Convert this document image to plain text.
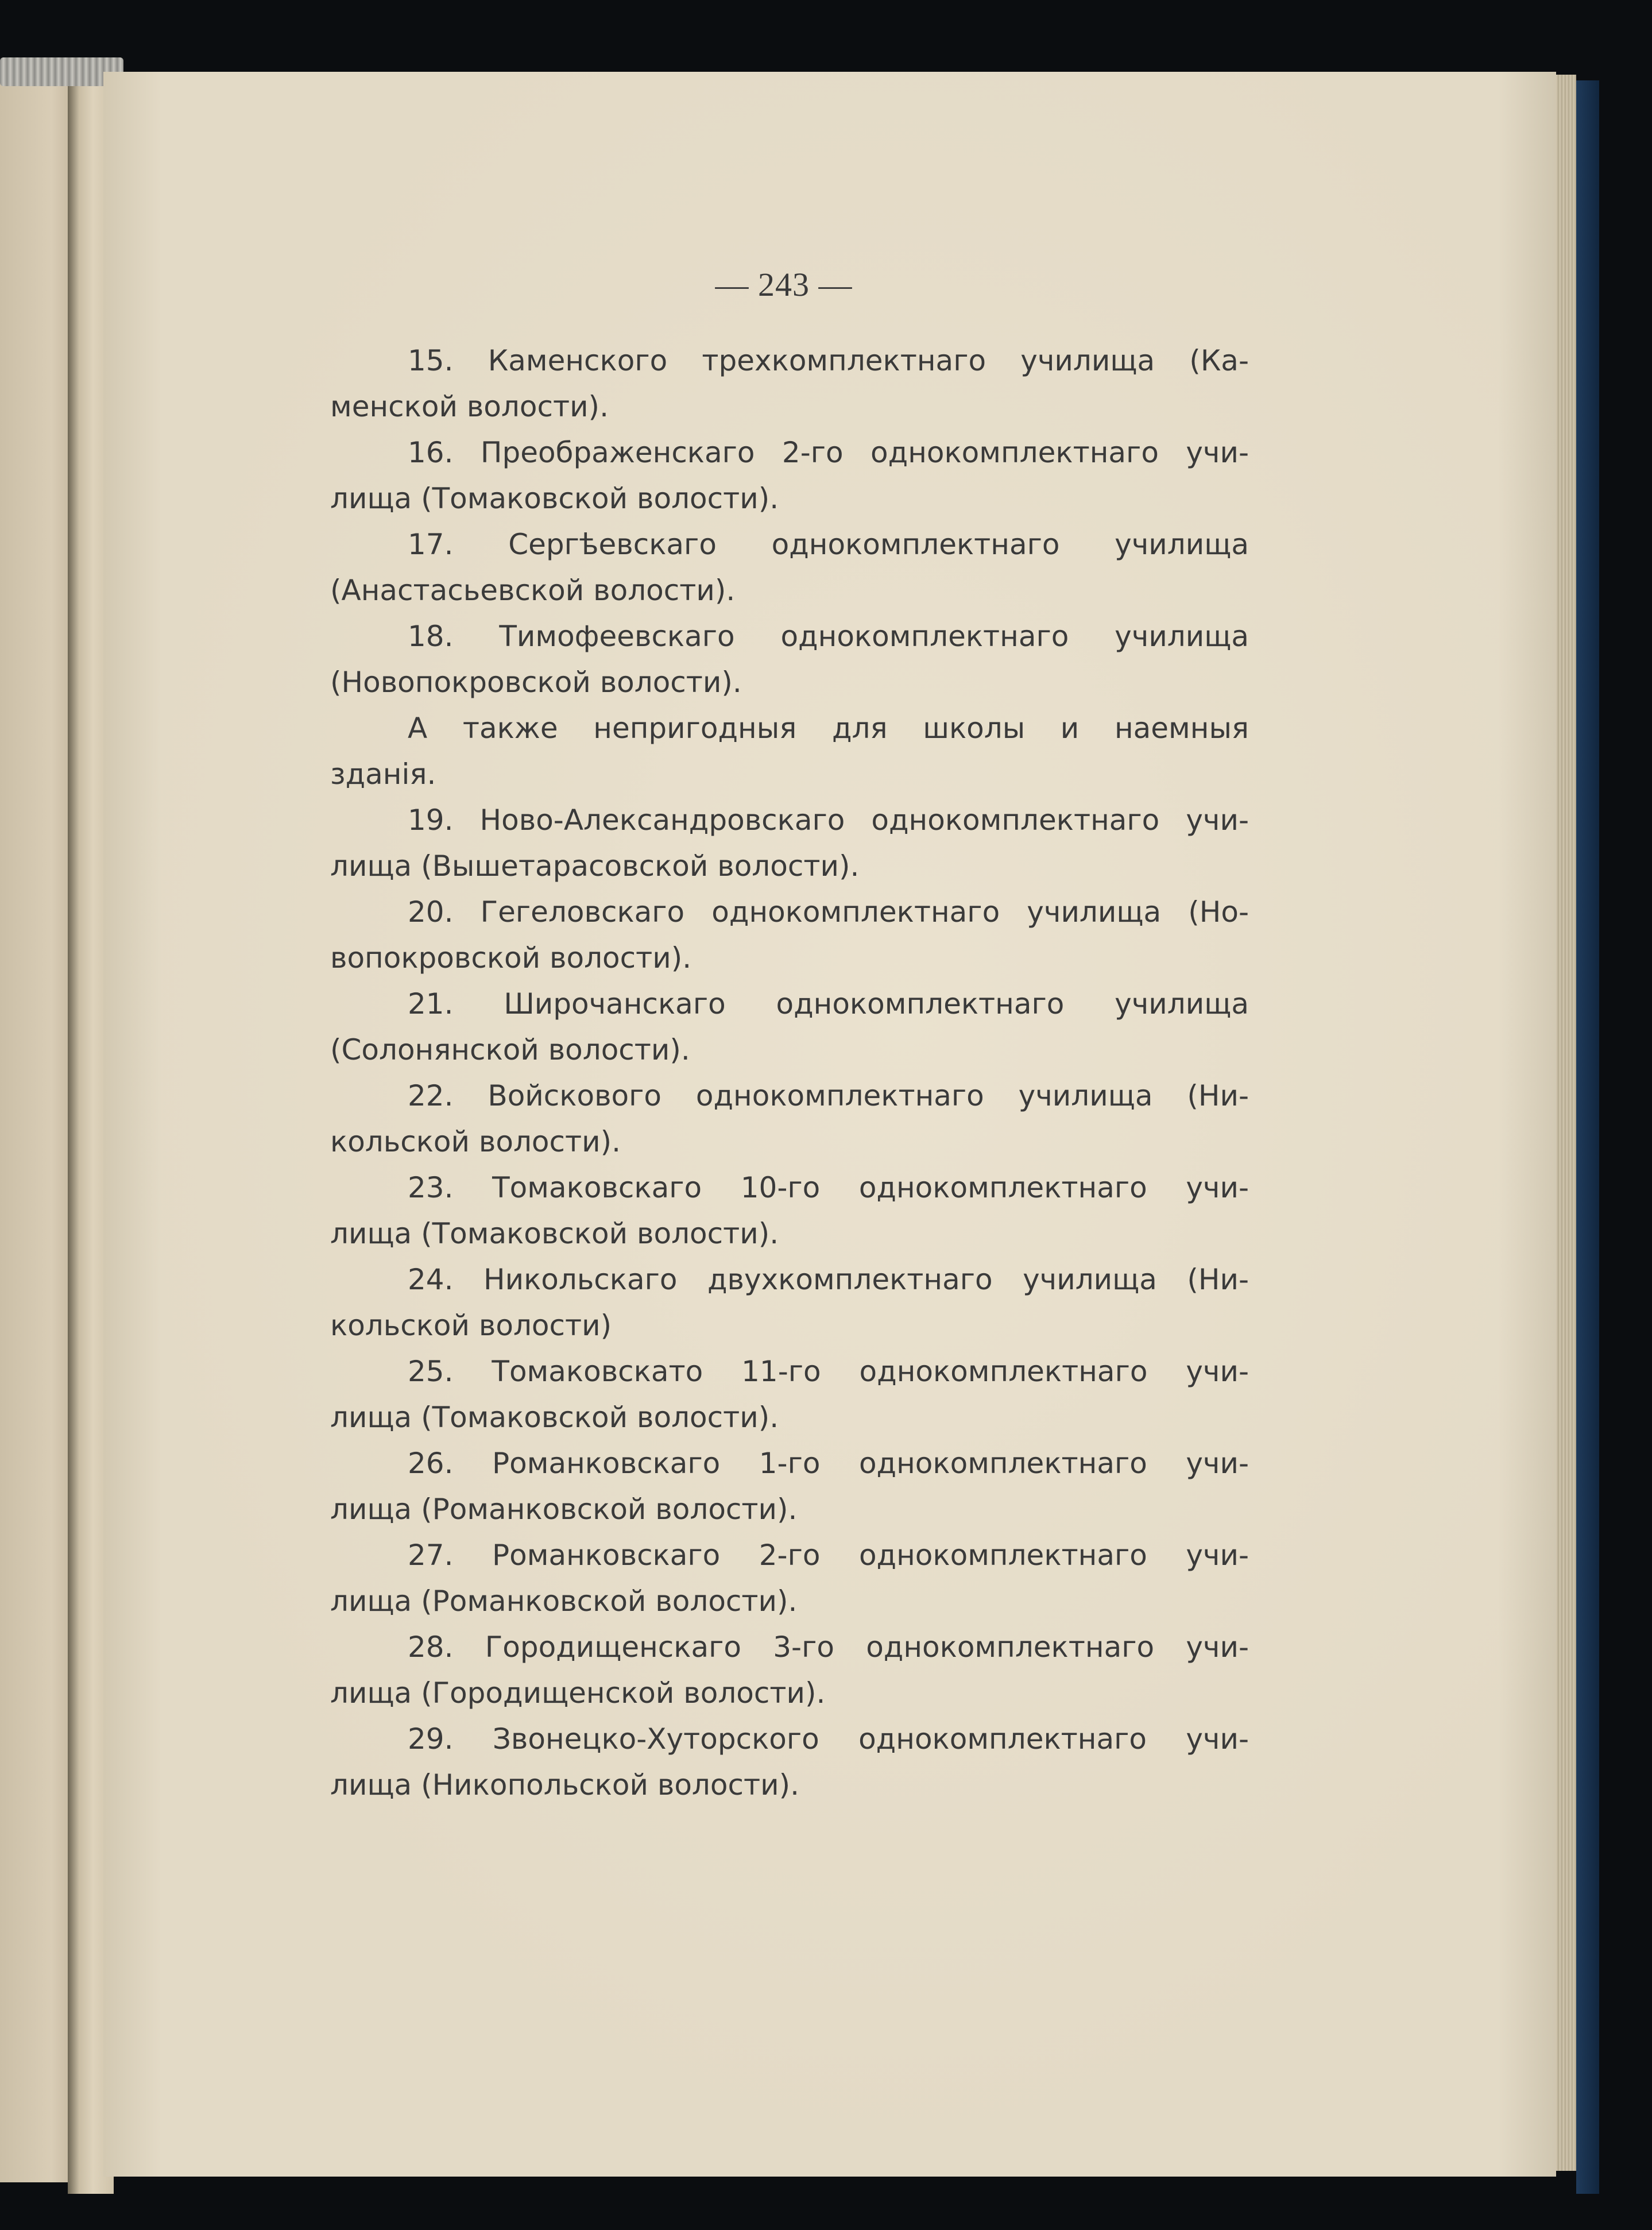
— 243 —
15. Каменского трехкомплектнаго училища (Ка-
менской волости).
16. Преображенскаго 2-го однокомплектнаго учи-
лища (Томаковской волости).
17. Сергѣевскаго однокомплектнаго училища
(Анастасьевской волости).
18. Тимофеевскаго однокомплектнаго училища
(Новопокровской волости).
А также непригодныя для школы и наемныя
зданія.
19. Ново-Александровскаго однокомплектнаго учи-
лища (Вышетарасовской волости).
20. Гегеловскаго однокомплектнаго училища (Но-
вопокровской волости).
21. Широчанскаго однокомплектнаго училища
(Солонянской волости).
22. Войскового однокомплектнаго училища (Ни-
кольской волости).
23. Томаковскаго 10-го однокомплектнаго учи-
лища (Томаковской волости).
24. Никольскаго двухкомплектнаго училища (Ни-
кольской волости)
25. Томаковскато 11-го однокомплектнаго учи-
лища (Томаковской волости).
26. Романковскаго 1-го однокомплектнаго учи-
лища (Романковской волости).
27. Романковскаго 2-го однокомплектнаго учи-
лища (Романковской волости).
28. Городищенскаго 3-го однокомплектнаго учи-
лища (Городищенской волости).
29. Звонецко-Хуторского однокомплектнаго учи-
лища (Никопольской волости).
